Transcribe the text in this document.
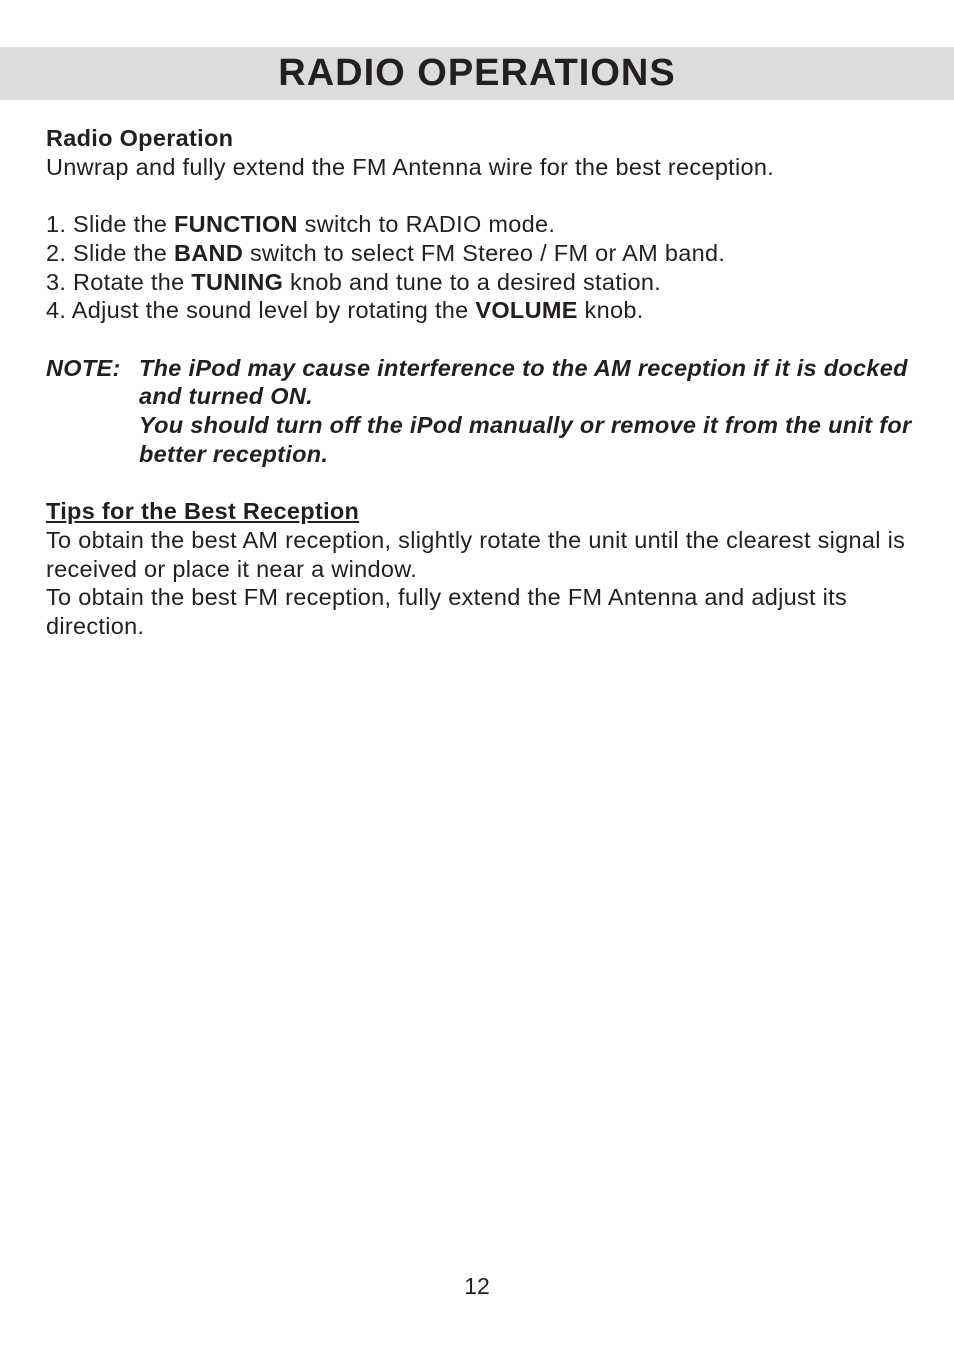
RADIO OPERATIONS

Radio Operation

Unwrap and fully extend the FM Antenna wire for the best reception.

1. Slide the FUNCTION switch to RADIO mode.
2. Slide the BAND switch to select FM Stereo / FM or AM band.
3. Rotate the TUNING knob and tune to a desired station.
4. Adjust the sound level by rotating the VOLUME knob.
NOTE: The iPod may cause interference to the AM reception if it is docked and turned ON.

You should turn off the iPod manually or remove it from the unit for better reception.

Tips for the Best Reception

To obtain the best AM reception, slightly rotate the unit until the clearest signal is received or place it near a window.

To obtain the best FM reception, fully extend the FM Antenna and adjust its direction.

12
